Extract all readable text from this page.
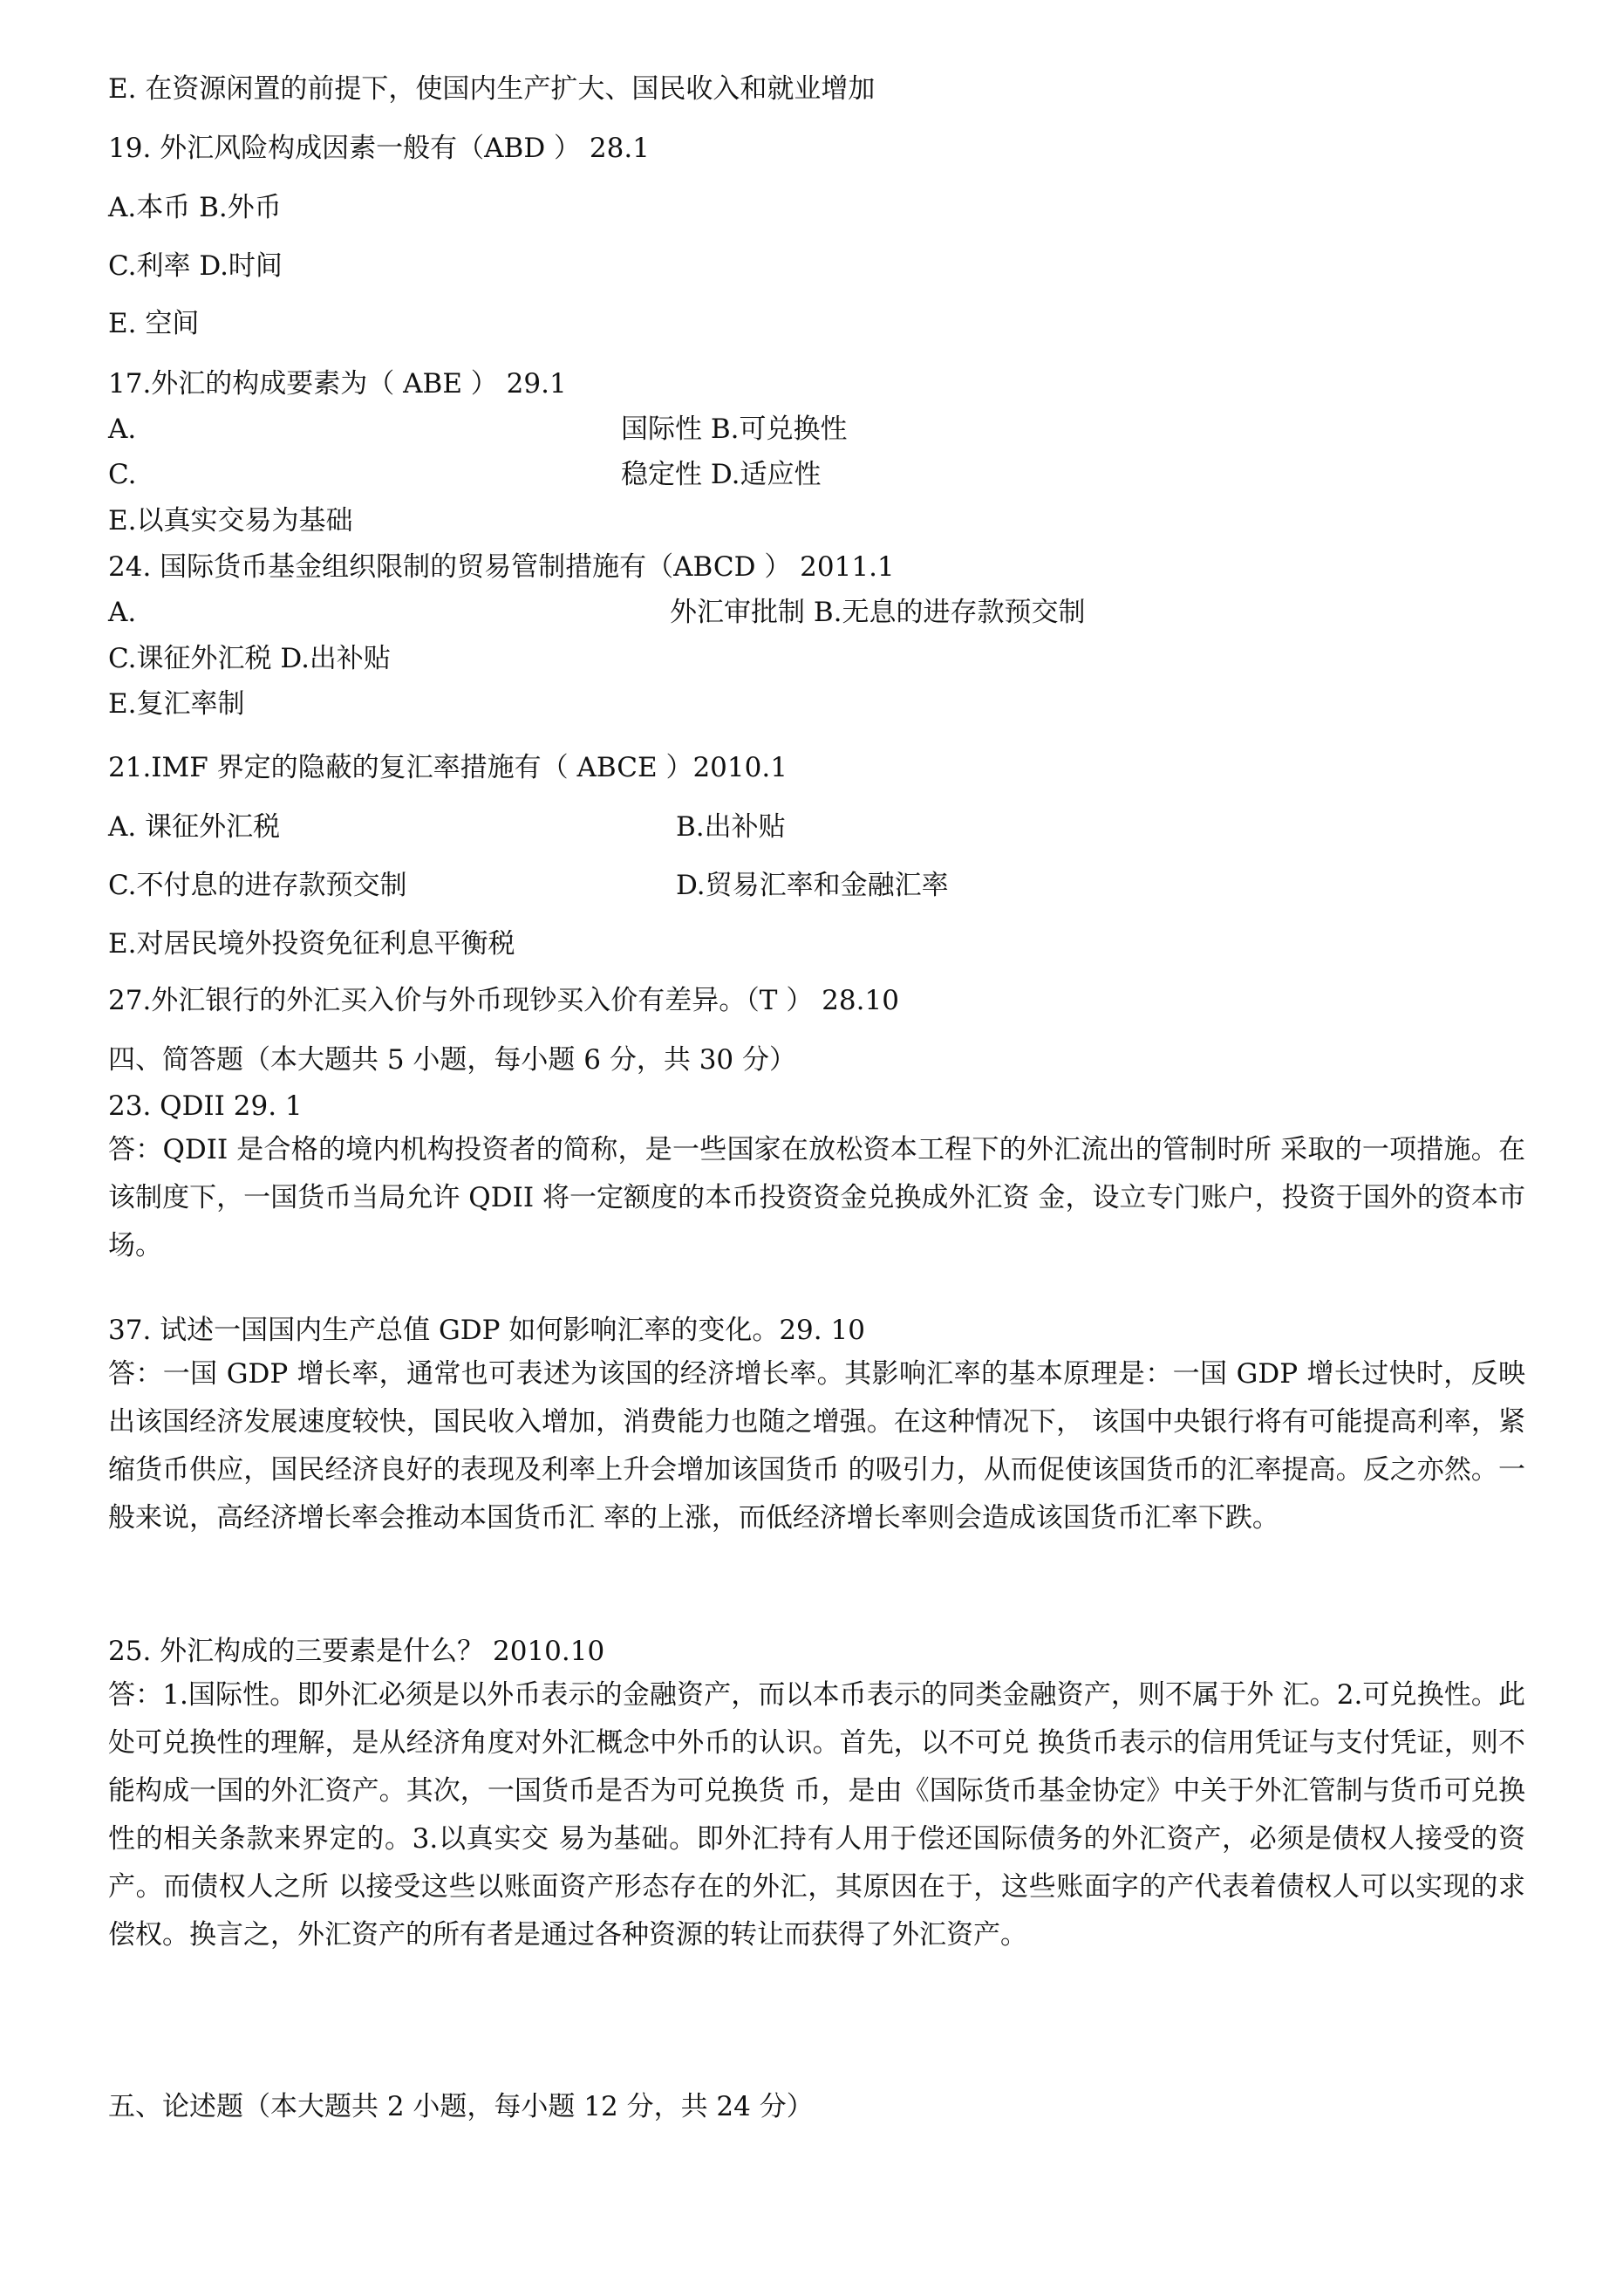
E. 在资源闲置的前提下，使国内生产扩大、国民收入和就业增加
19. 外汇风险构成因素一般有（ABD ） 28.1
A.本币 B.外币
C.利率 D.时间
E. 空间
17.外汇的构成要素为（ ABE ） 29.1
A.	国际性 B.可兑换性
C.	稳定性 D.适应性
E.以真实交易为基础
24. 国际货币基金组织限制的贸易管制措施有（ABCD ） 2011.1
A.	外汇审批制 B.无息的进存款预交制
C.课征外汇税 D.出补贴
E.复汇率制
21.IMF 界定的隐蔽的复汇率措施有（ ABCE ）2010.1
A. 课征外汇税	B.出补贴
C.不付息的进存款预交制	D.贸易汇率和金融汇率
E.对居民境外投资免征利息平衡税
27.外汇银行的外汇买入价与外币现钞买入价有差异。（T ） 28.10
四、简答题（本大题共 5 小题，每小题 6 分，共 30 分）
23. QDII 29. 1
答：QDII 是合格的境内机构投资者的简称，是一些国家在放松资本工程下的外汇流出的管制时所 采取的一项措施。在该制度下，一国货币当局允许 QDII 将一定额度的本币投资资金兑换成外汇资 金，设立专门账户，投资于国外的资本市场。
37. 试述一国国内生产总值 GDP 如何影响汇率的变化。29. 10
答：一国 GDP 增长率，通常也可表述为该国的经济增长率。其影响汇率的基本原理是：一国 GDP 增长过快时，反映出该国经济发展速度较快，国民收入增加，消费能力也随之增强。在这种情况下， 该国中央银行将有可能提高利率，紧缩货币供应，国民经济良好的表现及利率上升会增加该国货币 的吸引力，从而促使该国货币的汇率提高。反之亦然。一般来说，高经济增长率会推动本国货币汇 率的上涨，而低经济增长率则会造成该国货币汇率下跌。
25. 外汇构成的三要素是什么？ 2010.10
答：1.国际性。即外汇必须是以外币表示的金融资产，而以本币表示的同类金融资产，则不属于外 汇。2.可兑换性。此处可兑换性的理解，是从经济角度对外汇概念中外币的认识。首先，以不可兑 换货币表示的信用凭证与支付凭证，则不能构成一国的外汇资产。其次，一国货币是否为可兑换货 币，是由《国际货币基金协定》中关于外汇管制与货币可兑换性的相关条款来界定的。3.以真实交 易为基础。即外汇持有人用于偿还国际债务的外汇资产，必须是债权人接受的资产。而债权人之所 以接受这些以账面资产形态存在的外汇，其原因在于，这些账面字的产代表着债权人可以实现的求 偿权。换言之，外汇资产的所有者是通过各种资源的转让而获得了外汇资产。
五、论述题（本大题共 2 小题，每小题 12 分，共 24 分）
